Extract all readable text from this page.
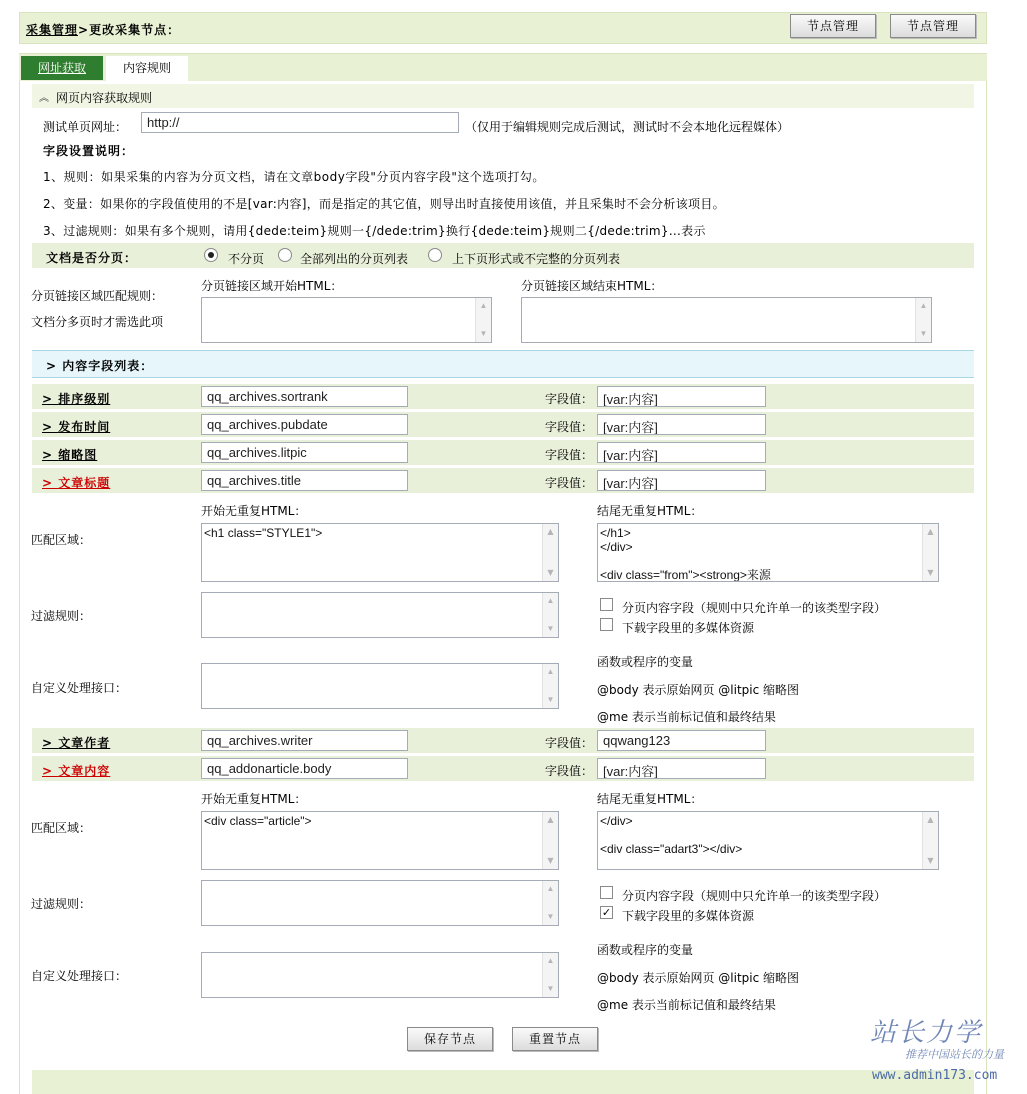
采集管理>更改采集节点：	节点管理	节点管理
网址获取	内容规则
︽ 网页内容获取规则
测试单页网址：	http://	（仅用于编辑规则完成后测试，测试时不会本地化远程媒体）
字段设置说明：
1、规则：如果采集的内容为分页文档，请在文章body字段"分页内容字段"这个选项打勾。
2、变量：如果你的字段值使用的不是[var:内容]，而是指定的其它值，则导出时直接使用该值，并且采集时不会分析该项目。
3、过滤规则：如果有多个规则，请用{dede:teim}规则一{/dede:trim}换行{dede:teim}规则二{/dede:trim}...表示
文档是否分页：	不分页	全部列出的分页列表	上下页形式或不完整的分页列表
分页链接区域匹配规则：
文档分多页时才需选此项
分页链接区域开始HTML：	分页链接区域结束HTML：
▲
▼
▲
▼
> 内容字段列表：
> 排序级别	qq_archives.sortrank	字段值： [var:内容]
> 发布时间	qq_archives.pubdate	字段值： [var:内容]
> 缩略图	qq_archives.litpic	字段值： [var:内容]
> 文章标题	qq_archives.title	字段值： [var:内容]
开始无重复HTML：	结尾无重复HTML：
匹配区域：	<h1 class="STYLE1">	▲
▼
</h1>
</div>

<div class="from"><strong>来源
▲
▼
过滤规则：
▲
▼
分页内容字段（规则中只允许单一的该类型字段）
下载字段里的多媒体资源
自定义处理接口：
▲
▼
函数或程序的变量
@body 表示原始网页 @litpic 缩略图
@me 表示当前标记值和最终结果
> 文章作者	qq_archives.writer	字段值： qqwang123
> 文章内容	qq_addonarticle.body	字段值： [var:内容]
开始无重复HTML：	结尾无重复HTML：
匹配区域：	<div class="article">	▲
▼
</div>

<div class="adart3"></div>
▲
▼
过滤规则：
▲
▼
分页内容字段（规则中只允许单一的该类型字段）
✓ 下载字段里的多媒体资源
自定义处理接口：
▲
▼
函数或程序的变量
@body 表示原始网页 @litpic 缩略图
@me 表示当前标记值和最终结果
保存节点	重置节点	站长力学
推荐中国站长的力量
www.admin173.com
